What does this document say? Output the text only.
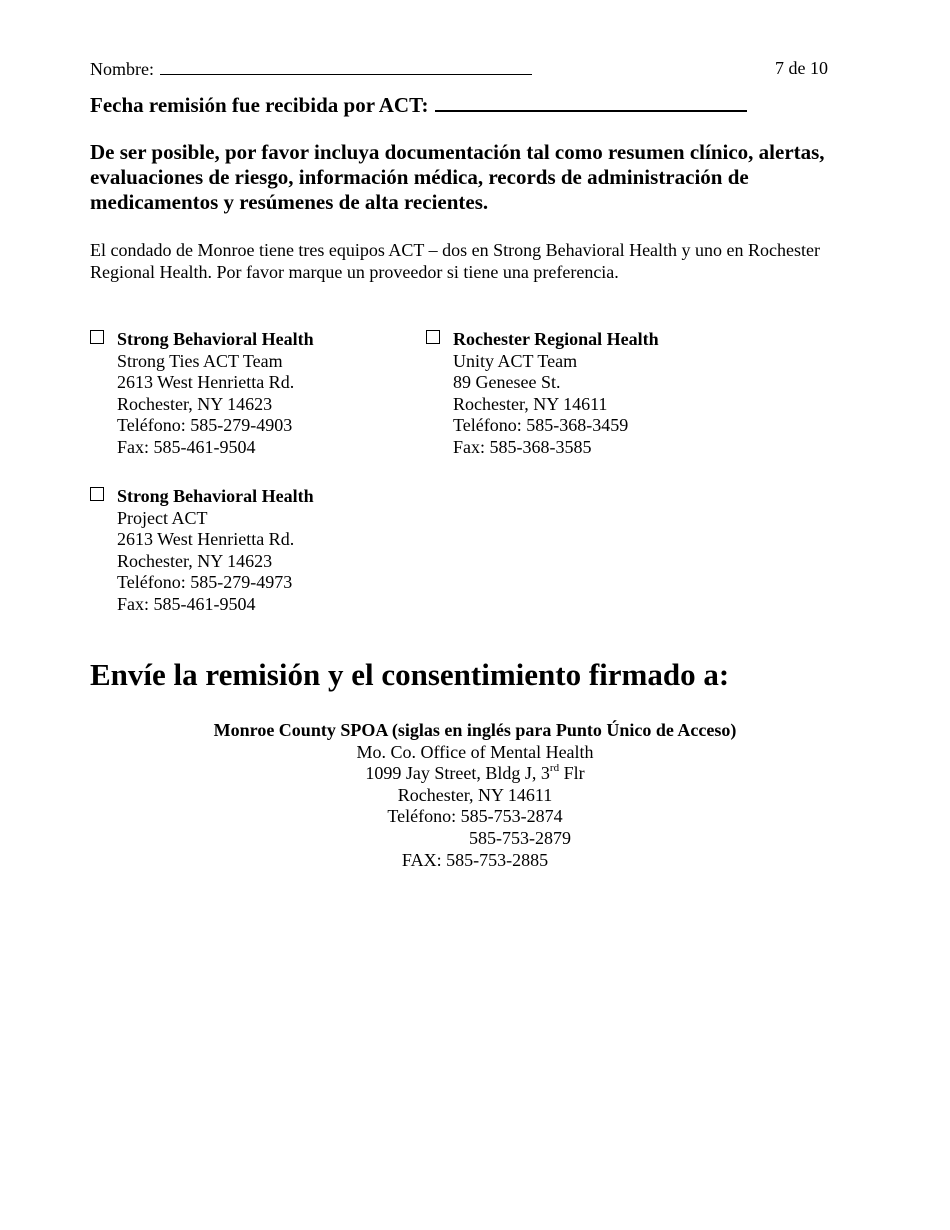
Nombre:	7 de 10
Fecha remisión fue recibida por ACT:

De ser posible, por favor incluya documentación tal como resumen clínico, alertas, evaluaciones de riesgo, información médica, records de administración de medicamentos y resúmenes de alta recientes.

El condado de Monroe tiene tres equipos ACT – dos en Strong Behavioral Health y uno en Rochester Regional Health. Por favor marque un proveedor si tiene una preferencia.

Strong Behavioral Health
Strong Ties ACT Team
2613 West Henrietta Rd.
Rochester, NY 14623
Teléfono: 585-279-4903
Fax: 585-461-9504
Rochester Regional Health
Unity ACT Team
89 Genesee St.
Rochester, NY 14611
Teléfono: 585-368-3459
Fax: 585-368-3585
Strong Behavioral Health
Project ACT
2613 West Henrietta Rd.
Rochester, NY 14623
Teléfono: 585-279-4973
Fax: 585-461-9504
Envíe la remisión y el consentimiento firmado a:
Monroe County SPOA (siglas en inglés para Punto Único de Acceso)
Mo. Co. Office of Mental Health
1099 Jay Street, Bldg J, 3rd Flr
Rochester, NY 14611
Teléfono: 585-753-2874
585-753-2879
FAX: 585-753-2885
